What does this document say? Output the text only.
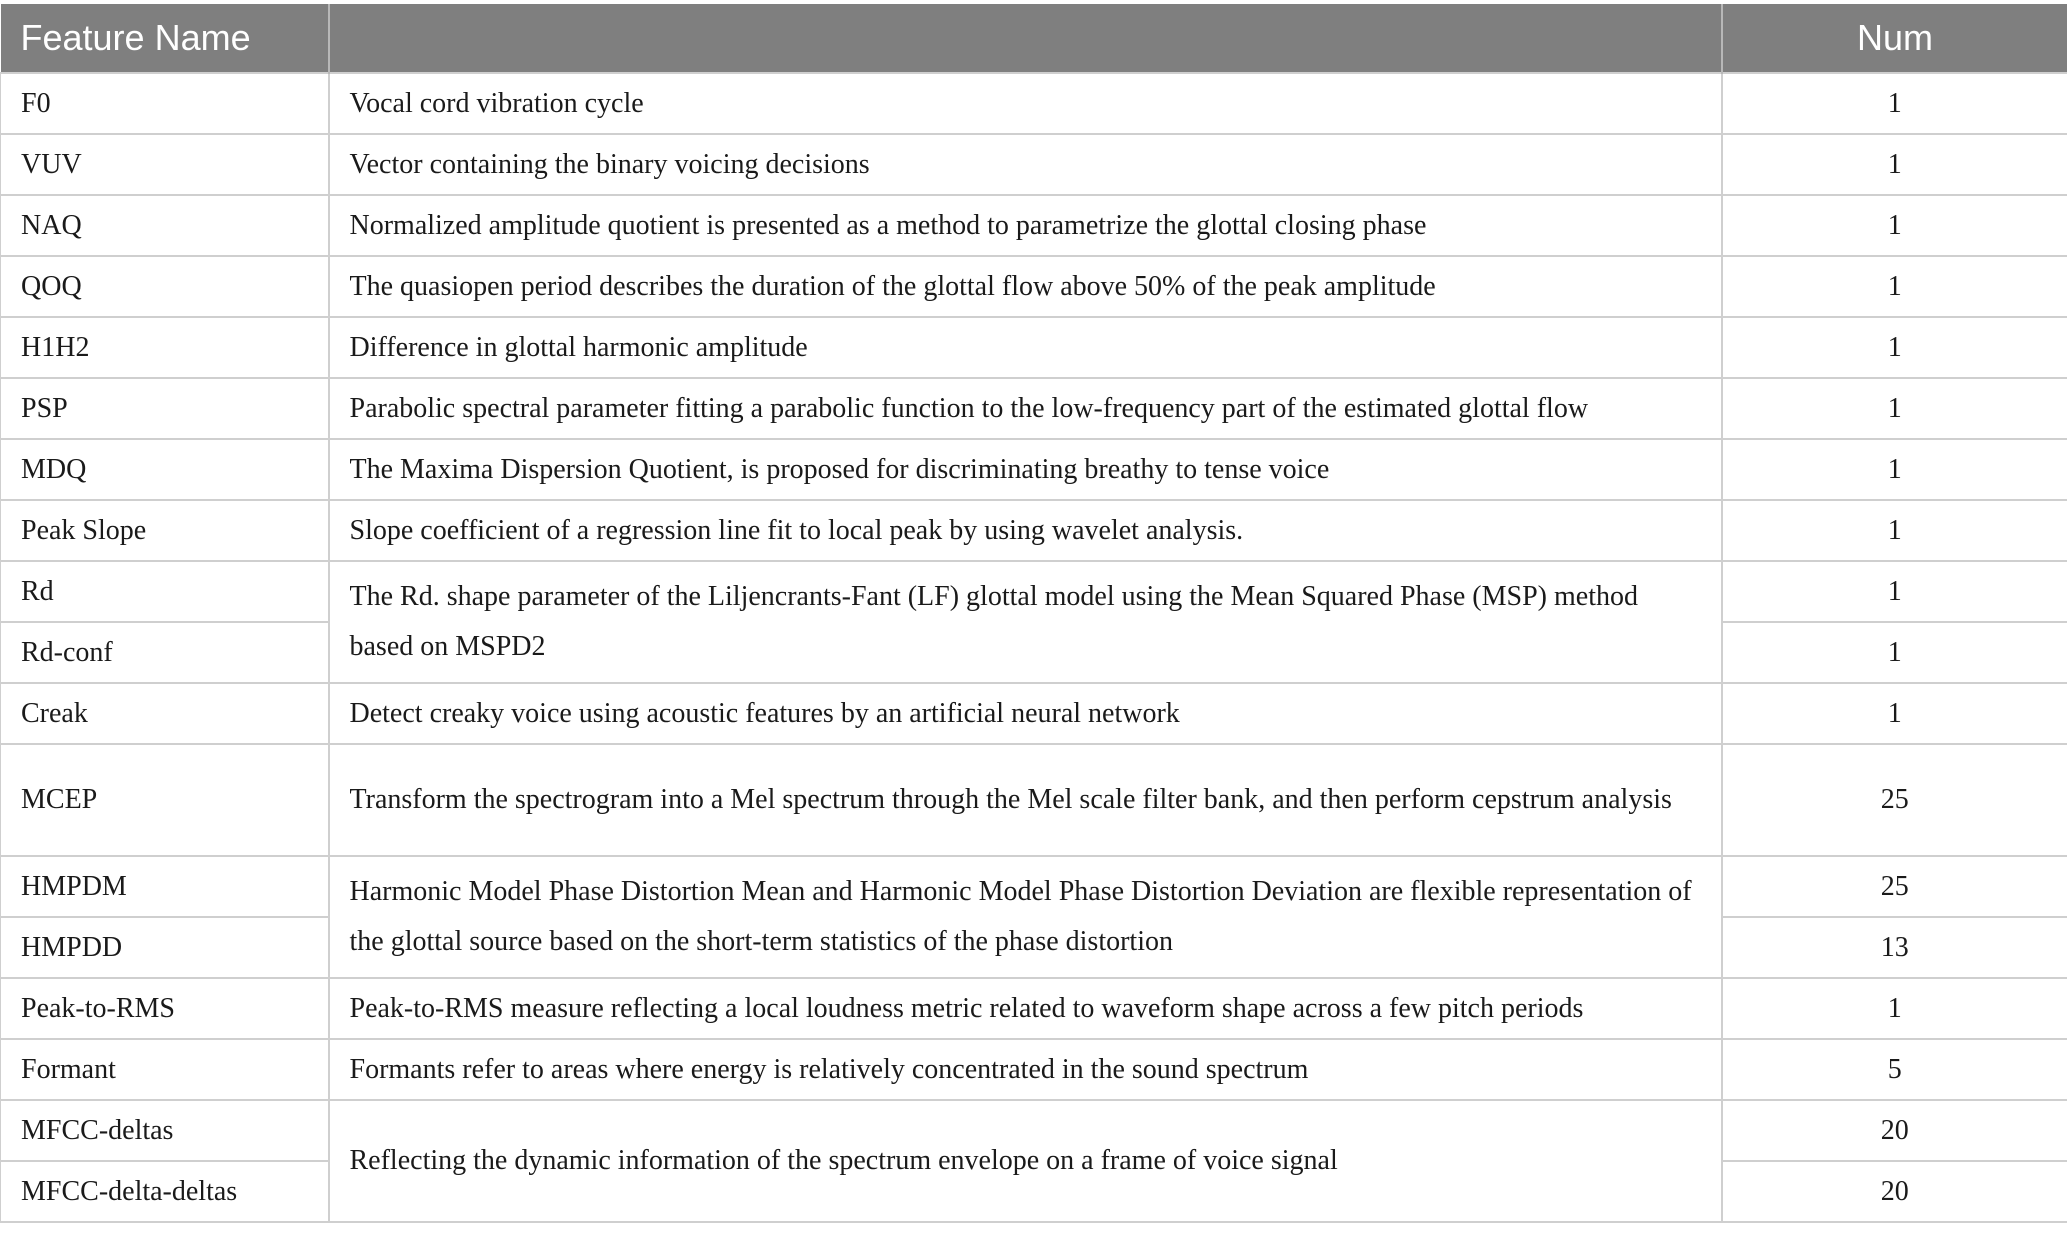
Feature Name		Num
F0	Vocal cord vibration cycle	1
VUV	Vector containing the binary voicing decisions	1
NAQ	Normalized amplitude quotient is presented as a method to parametrize the glottal closing phase	1
QOQ	The quasiopen period describes the duration of the glottal flow above 50% of the peak amplitude	1
H1H2	Difference in glottal harmonic amplitude	1
PSP	Parabolic spectral parameter fitting a parabolic function to the low-frequency part of the estimated glottal flow	1
MDQ	The Maxima Dispersion Quotient, is proposed for discriminating breathy to tense voice	1
Peak Slope	Slope coefficient of a regression line fit to local peak by using wavelet analysis.	1
Rd	The Rd. shape parameter of the Liljencrants-Fant (LF) glottal model using the Mean Squared Phase (MSP) method based on MSPD2	1
Rd-conf		1
Creak	Detect creaky voice using acoustic features by an artificial neural network	1
MCEP	Transform the spectrogram into a Mel spectrum through the Mel scale filter bank, and then perform cepstrum analysis	25
HMPDM	Harmonic Model Phase Distortion Mean and Harmonic Model Phase Distortion Deviation are flexible representation of the glottal source based on the short-term statistics of the phase distortion	25
HMPDD		13
Peak-to-RMS	Peak-to-RMS measure reflecting a local loudness metric related to waveform shape across a few pitch periods	1
Formant	Formants refer to areas where energy is relatively concentrated in the sound spectrum	5
MFCC-deltas	Reflecting the dynamic information of the spectrum envelope on a frame of voice signal	20
MFCC-delta-deltas		20
